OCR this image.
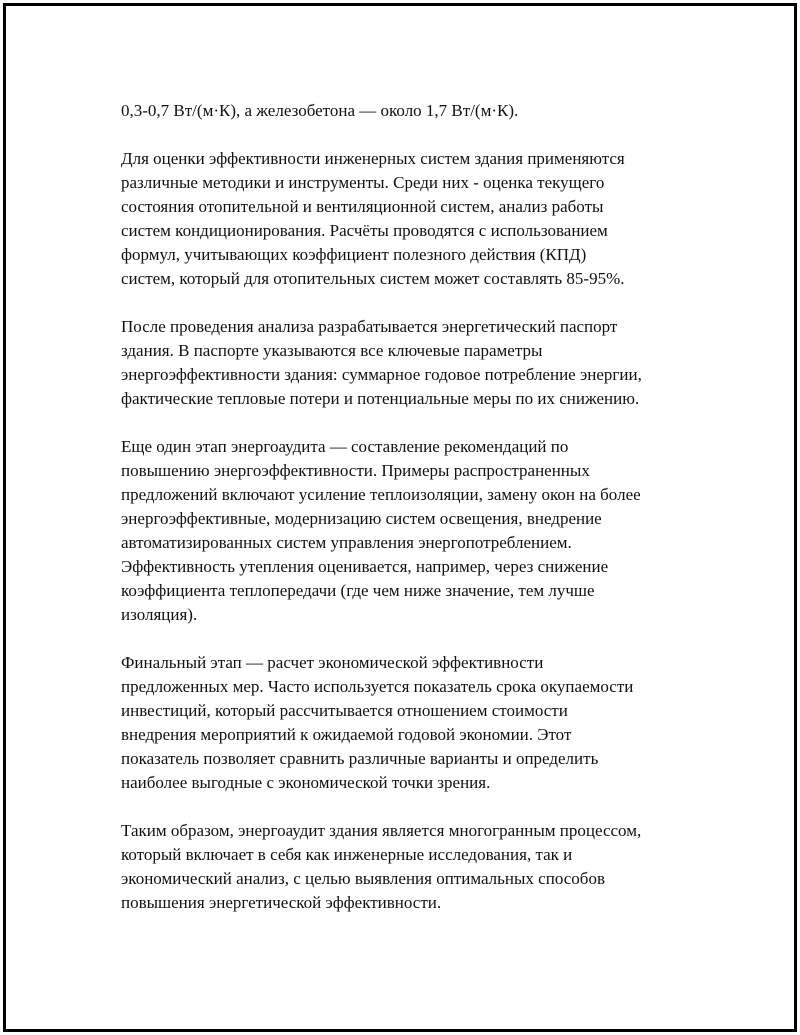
0,3-0,7 Вт/(м·К), а железобетона — около 1,7 Вт/(м·К).

Для оценки эффективности инженерных систем здания применяются
различные методики и инструменты. Среди них - оценка текущего
состояния отопительной и вентиляционной систем, анализ работы
систем кондиционирования. Расчёты проводятся с использованием
формул, учитывающих коэффициент полезного действия (КПД)
систем, который для отопительных систем может составлять 85-95%.

После проведения анализа разрабатывается энергетический паспорт
здания. В паспорте указываются все ключевые параметры
энергоэффективности здания: суммарное годовое потребление энергии,
фактические тепловые потери и потенциальные меры по их снижению.

Еще один этап энергоаудита — составление рекомендаций по
повышению энергоэффективности. Примеры распространенных
предложений включают усиление теплоизоляции, замену окон на более
энергоэффективные, модернизацию систем освещения, внедрение
автоматизированных систем управления энергопотреблением.
Эффективность утепления оценивается, например, через снижение
коэффициента теплопередачи (где чем ниже значение, тем лучше
изоляция).

Финальный этап — расчет экономической эффективности
предложенных мер. Часто используется показатель срока окупаемости
инвестиций, который рассчитывается отношением стоимости
внедрения мероприятий к ожидаемой годовой экономии. Этот
показатель позволяет сравнить различные варианты и определить
наиболее выгодные с экономической точки зрения.

Таким образом, энергоаудит здания является многогранным процессом,
который включает в себя как инженерные исследования, так и
экономический анализ, с целью выявления оптимальных способов
повышения энергетической эффективности.
